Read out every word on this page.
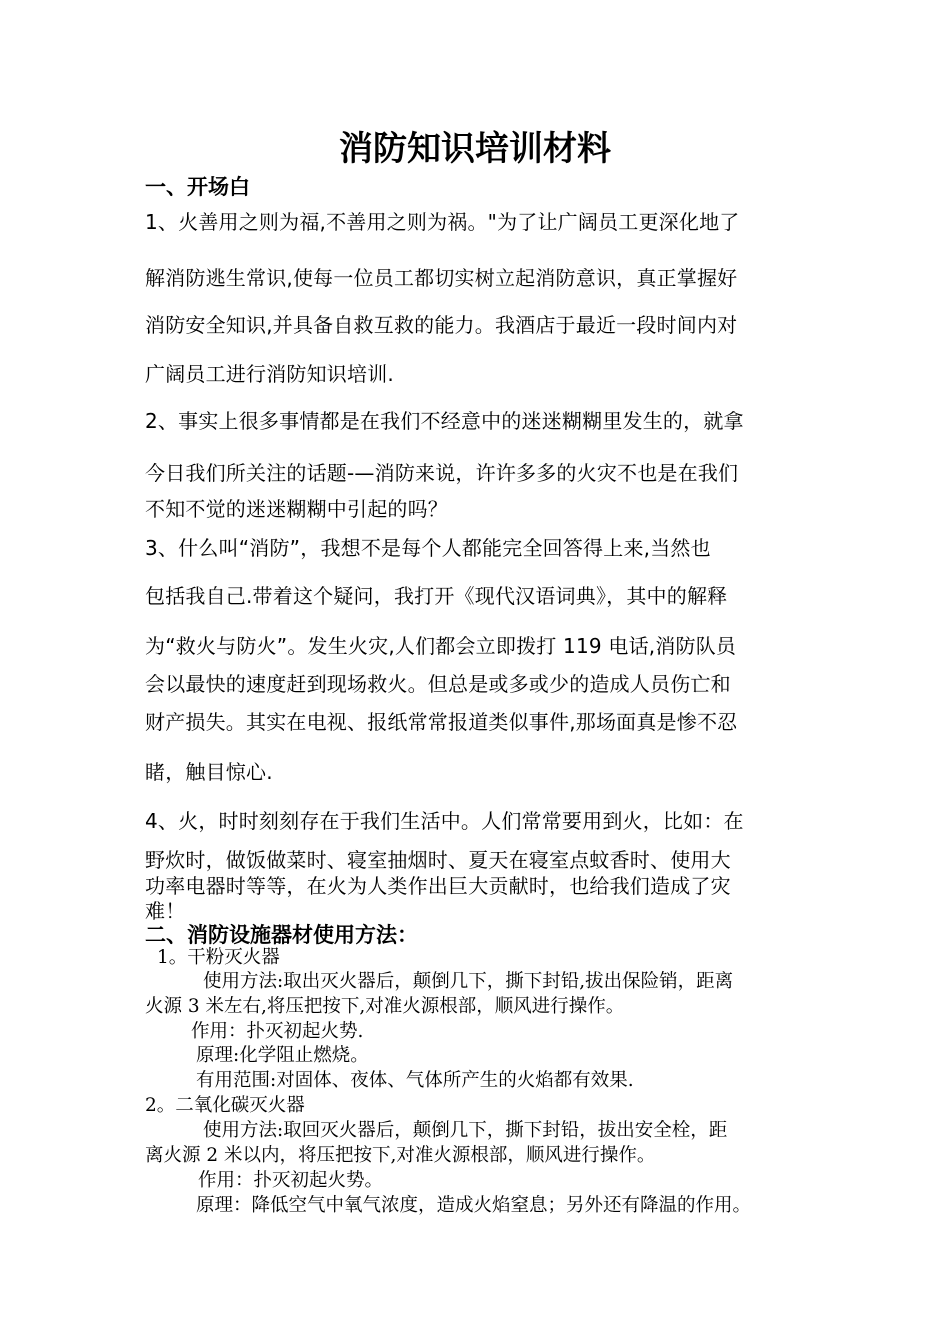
消防知识培训材料
一、开场白
1、火善用之则为福,不善用之则为祸。"为了让广阔员工更深化地了
解消防逃生常识,使每一位员工都切实树立起消防意识，真正掌握好
消防安全知识,并具备自救互救的能力。我酒店于最近一段时间内对
广阔员工进行消防知识培训.
2、事实上很多事情都是在我们不经意中的迷迷糊糊里发生的，就拿
今日我们所关注的话题-—消防来说，许许多多的火灾不也是在我们
不知不觉的迷迷糊糊中引起的吗？
3、什么叫“消防”，我想不是每个人都能完全回答得上来,当然也
包括我自己.带着这个疑问，我打开《现代汉语词典》，其中的解释
为“救火与防火”。发生火灾,人们都会立即拨打 119 电话,消防队员
会以最快的速度赶到现场救火。但总是或多或少的造成人员伤亡和
财产损失。其实在电视、报纸常常报道类似事件,那场面真是惨不忍
睹，触目惊心.
4、火，时时刻刻存在于我们生活中。人们常常要用到火，比如：在
野炊时，做饭做菜时、寝室抽烟时、夏天在寝室点蚊香时、使用大
功率电器时等等，在火为人类作出巨大贡献时，也给我们造成了灾
难！
二、消防设施器材使用方法：
1。干粉灭火器
使用方法:取出灭火器后，颠倒几下，撕下封铅,拔出保险销，距离
火源 3 米左右,将压把按下,对准火源根部，顺风进行操作。
作用：扑灭初起火势.
原理:化学阻止燃烧。
有用范围:对固体、夜体、气体所产生的火焰都有效果.
2。二氧化碳灭火器
使用方法:取回灭火器后，颠倒几下，撕下封铅，拔出安全栓，距
离火源 2 米以内，将压把按下,对准火源根部，顺风进行操作。
作用：扑灭初起火势。
原理：降低空气中氧气浓度，造成火焰窒息；另外还有降温的作用。
